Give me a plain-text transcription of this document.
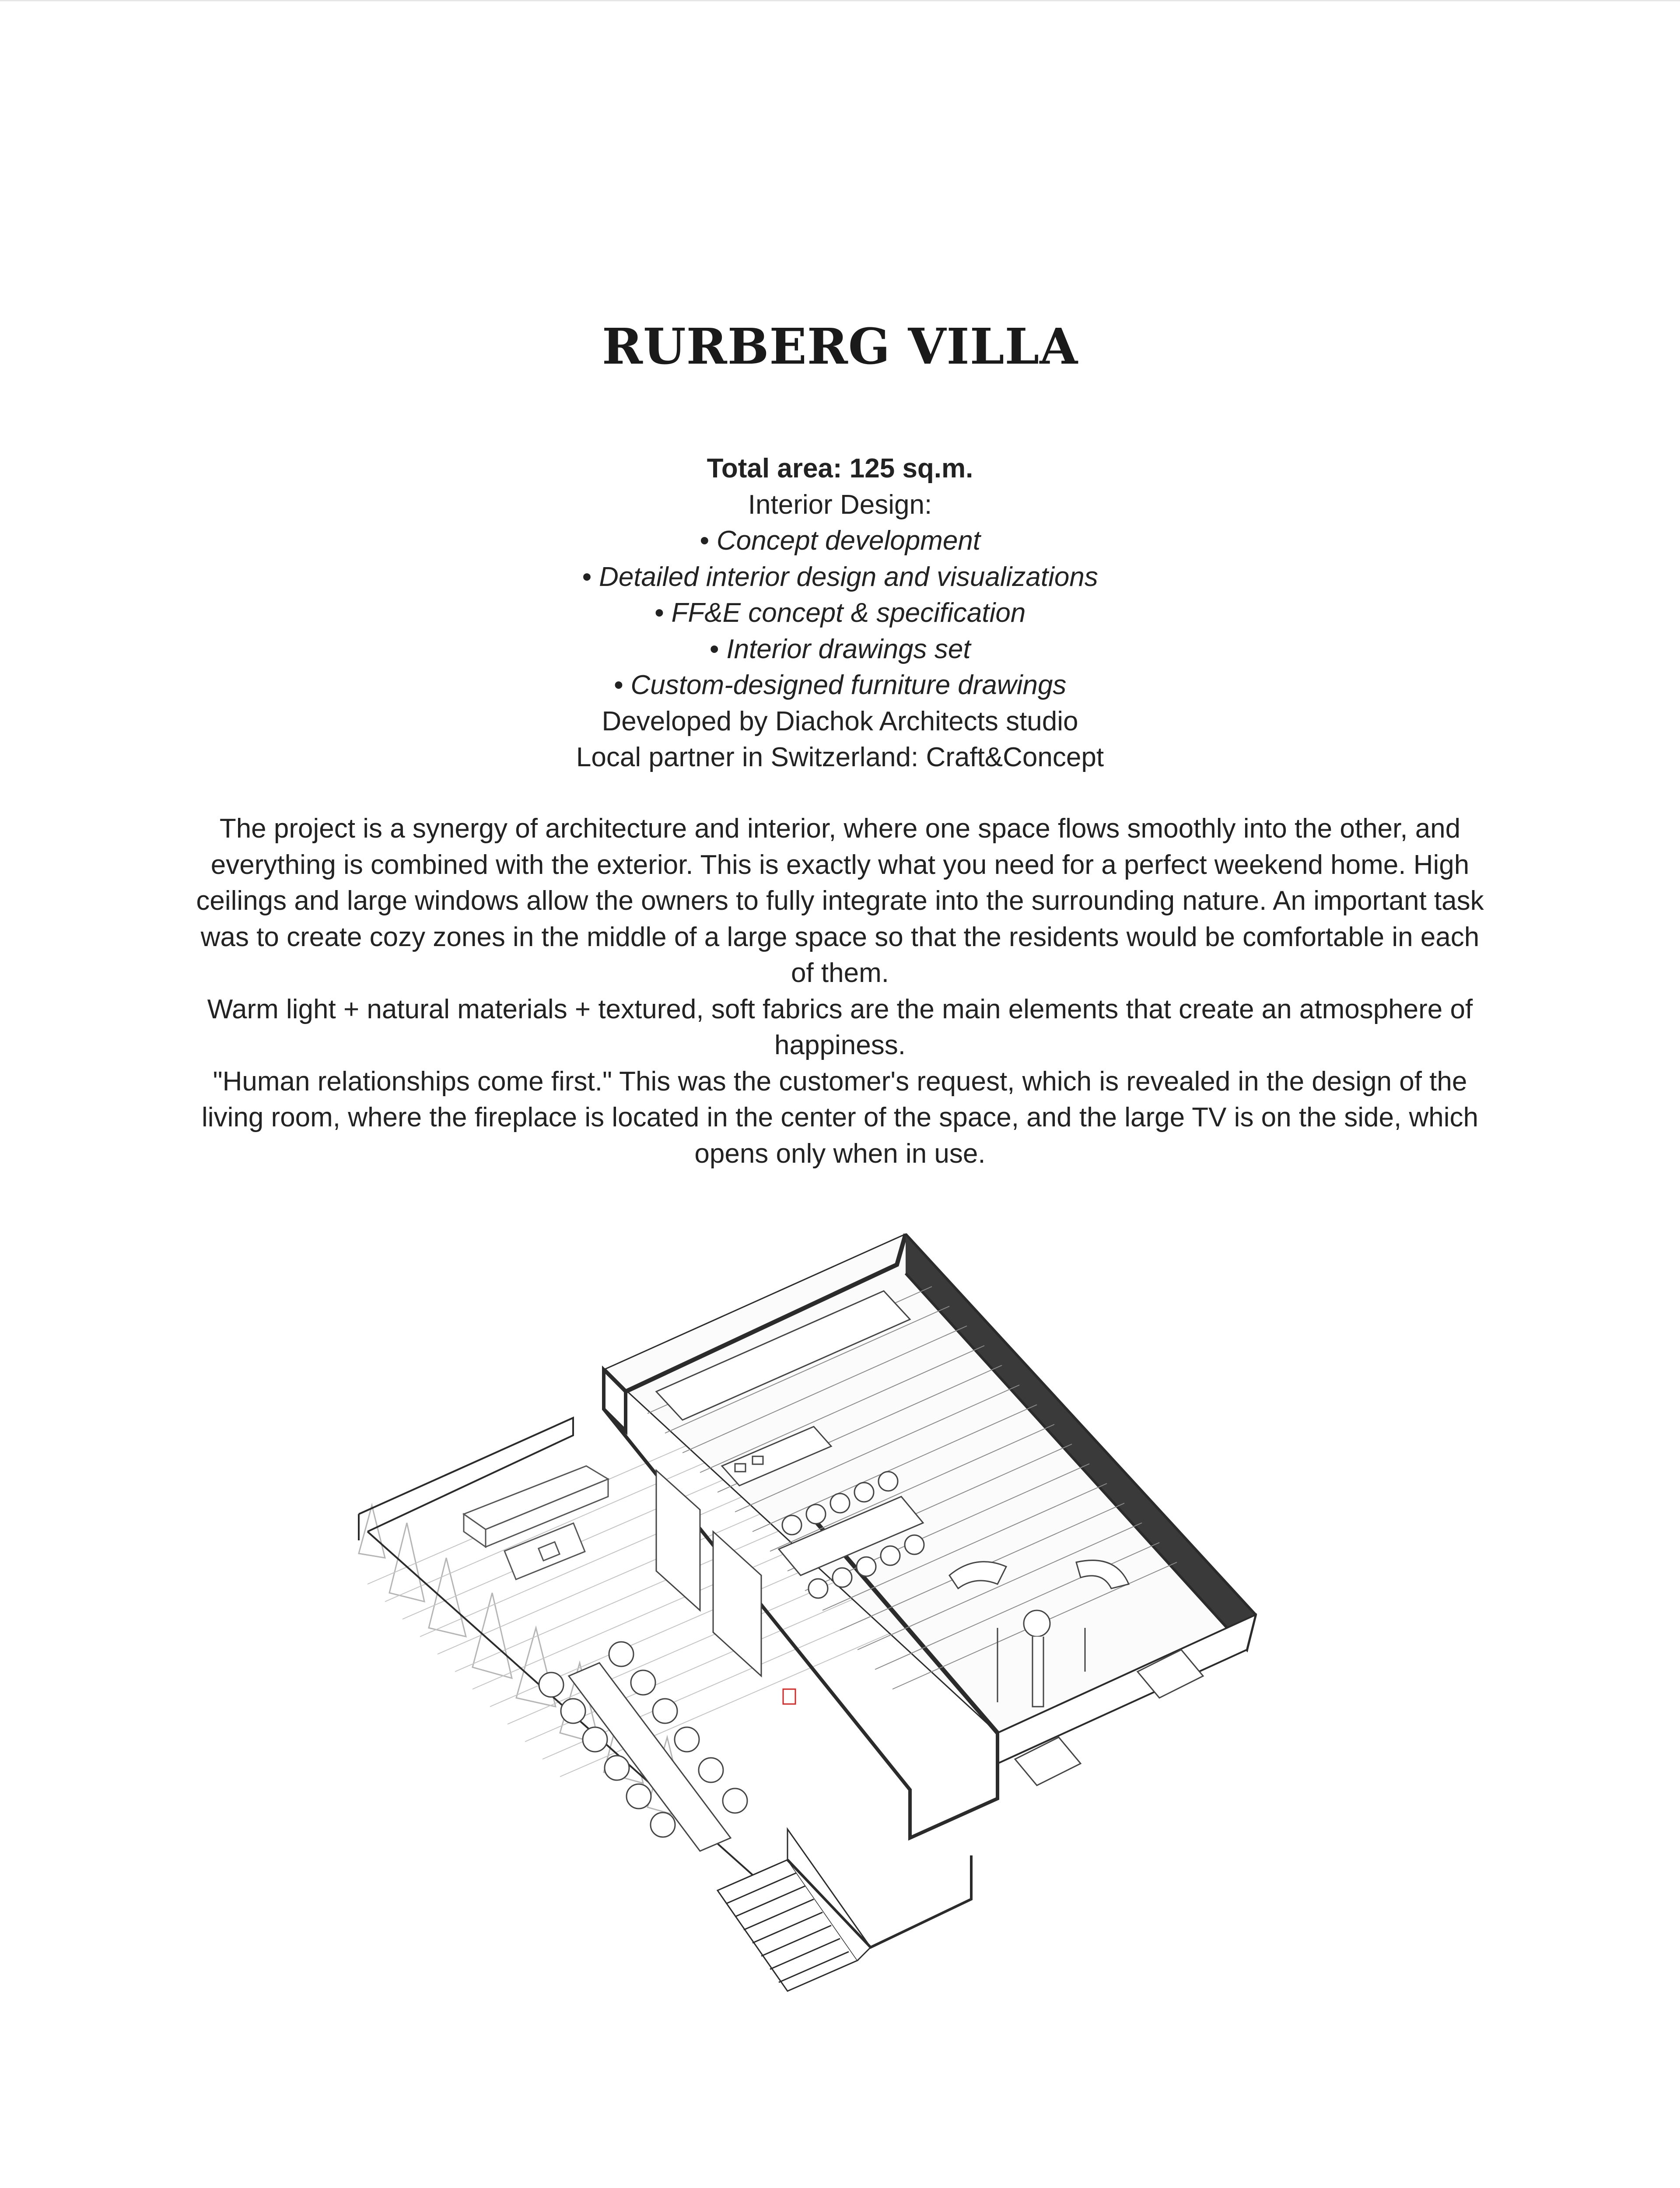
RURBERG VILLA
Total area: 125 sq.m.
Interior Design:
• Concept development
• Detailed interior design and visualizations
• FF&E concept & specification
• Interior drawings set
• Custom-designed furniture drawings
Developed by Diachok Architects studio
Local partner in Switzerland: Craft&Concept

The project is a synergy of architecture and interior, where one space flows smoothly into the other, and everything is combined with the exterior. This is exactly what you need for a perfect weekend home. High ceilings and large windows allow the owners to fully integrate into the surrounding nature. An important task was to create cozy zones in the middle of a large space so that the residents would be comfortable in each of them.

Warm light + natural materials + textured, soft fabrics are the main elements that create an atmosphere of happiness.

"Human relationships come first." This was the customer's request, which is revealed in the design of the living room, where the fireplace is located in the center of the space, and the large TV is on the side, which opens only when in use.
